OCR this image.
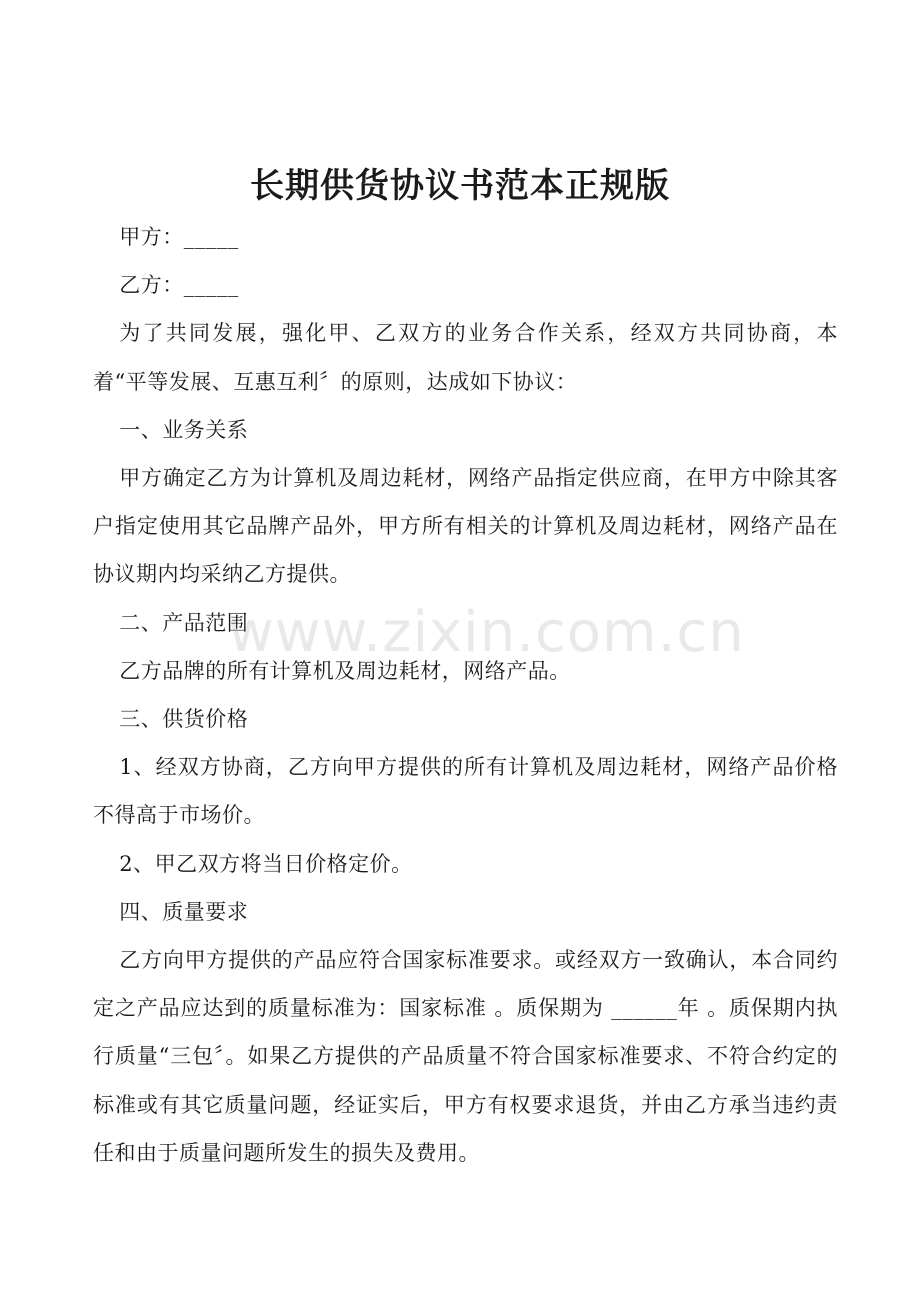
长期供货协议书范本正规版

甲方：_____

乙方：_____

为了共同发展，强化甲、乙双方的业务合作关系，经双方共同协商，本着“平等发展、互惠互利〞的原则，达成如下协议：

一、业务关系

甲方确定乙方为计算机及周边耗材，网络产品指定供应商，在甲方中除其客户指定使用其它品牌产品外，甲方所有相关的计算机及周边耗材，网络产品在协议期内均采纳乙方提供。

二、产品范围

乙方品牌的所有计算机及周边耗材，网络产品。

三、供货价格

1、经双方协商，乙方向甲方提供的所有计算机及周边耗材，网络产品价格不得高于市场价。

2、甲乙双方将当日价格定价。

四、质量要求

乙方向甲方提供的产品应符合国家标准要求。或经双方一致确认，本合同约定之产品应达到的质量标准为：国家标准 。质保期为 ______年 。质保期内执行质量“三包〞。如果乙方提供的产品质量不符合国家标准要求、不符合约定的标准或有其它质量问题，经证实后，甲方有权要求退货，并由乙方承当违约责任和由于质量问题所发生的损失及费用。

www.zixin.com.cn
